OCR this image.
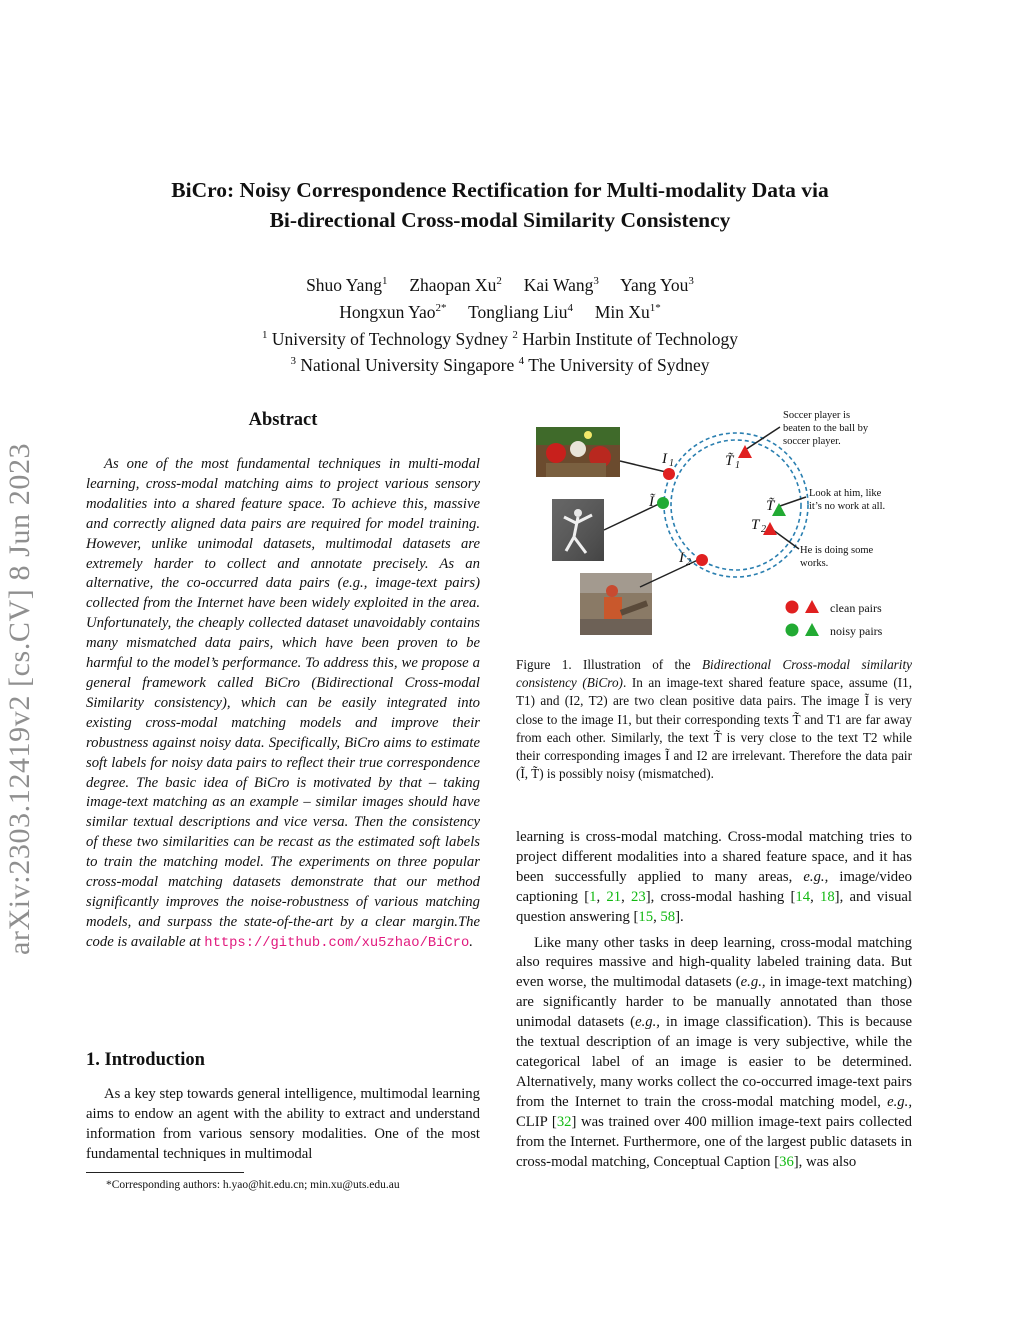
arXiv:2303.12419v2 [cs.CV] 8 Jun 2023
BiCro: Noisy Correspondence Rectification for Multi-modality Data via
Bi-directional Cross-modal Similarity Consistency
Shuo Yang$^1$ Zhaopan Xu$^2$ Kai Wang$^3$ Yang You$^3$
Hongxun Yao$^{2*}$ Tongliang Liu$^4$ Min $Xu^{1*}$
$^1$ University of Technology Sydney $^2$ Harbin Institute of Technology
$^3$ National University Singapore $^4$ The University of Sydney
Abstract

As one of the most fundamental techniques in multi-modal learning, cross-modal matching aims to project various sensory modalities into a shared feature space. To achieve this, massive and correctly aligned data pairs are required for model training. However, unlike unimodal datasets, multimodal datasets are extremely harder to collect and annotate precisely. As an alternative, the co-occurred data pairs (e.g., image-text pairs) collected from the Internet have been widely exploited in the area. Unfortunately, the cheaply collected dataset unavoidably contains many mismatched data pairs, which have been proven to be harmful to the model’s performance. To address this, we propose a general framework called BiCro (Bidirectional Cross-modal Similarity consistency), which can be easily integrated into existing cross-modal matching models and improve their robustness against noisy data. Specifically, BiCro aims to estimate soft labels for noisy data pairs to reflect their true correspondence degree. The basic idea of BiCro is motivated by that – taking image-text matching as an example – similar images should have similar textual descriptions and vice versa. Then the consistency of these two similarities can be recast as the estimated soft labels to train the matching model. The experiments on three popular cross-modal matching datasets demonstrate that our method significantly improves the noise-robustness of various matching models, and surpass the state-of-the-art by a clear margin.The code is available at https://github.com/xu5zhao/BiCro.

1. Introduction

As a key step towards general intelligence, multimodal learning aims to endow an agent with the ability to extract and understand information from various sensory modalities. One of the most fundamental techniques in multimodal

*Corresponding authors: h.yao@hit.edu.cn; min.xu@uts.edu.au
I 1
Ĩ
I 2
T̃ 1
T̃
T 2
Soccer player is
beaten to the ball by
soccer player.
Look at him, like
it’s no work at all.
He is doing some
works.
clean pairs
noisy pairs

Figure 1. Illustration of the Bidirectional Cross-modal similarity consistency (BiCro). In an image-text shared feature space, assume (I1, T1) and (I2, T2) are two clean positive data pairs. The image Ĩ is very close to the image I1, but their corresponding texts T̃ and T1 are far away from each other. Similarly, the text T̃ is very close to the text T2 while their corresponding images Ĩ and I2 are irrelevant. Therefore the data pair (Ĩ, T̃) is possibly noisy (mismatched).

learning is cross-modal matching. Cross-modal matching tries to project different modalities into a shared feature space, and it has been successfully applied to many areas, e.g., image/video captioning [1, 21, 23], cross-modal hashing [14, 18], and visual question answering [15, 58].

Like many other tasks in deep learning, cross-modal matching also requires massive and high-quality labeled training data. But even worse, the multimodal datasets (e.g., in image-text matching) are significantly harder to be manually annotated than those unimodal datasets (e.g., in image classification). This is because the textual description of an image is very subjective, while the categorical label of an image is easier to be determined. Alternatively, many works collect the co-occurred image-text pairs from the Internet to train the cross-modal matching model, e.g., CLIP [32] was trained over 400 million image-text pairs collected from the Internet. Furthermore, one of the largest public datasets in cross-modal matching, Conceptual Caption [36], was also
